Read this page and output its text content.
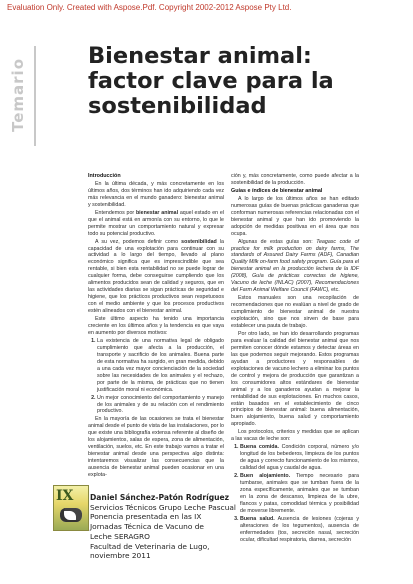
Evaluation Only. Created with Aspose.Pdf. Copyright 2002-2012 Aspose Pty Ltd.
Temario
Bienestar animal:
factor clave para la
sostenibilidad
Introducción

En la última década, y más concretamente en los últimos años, dos términos han ido adquiriendo cada vez más relevancia en el mundo ganadero: bienestar animal y sostenibilidad.

Entendemos por bienestar animal aquel estado en el que el animal está en armonía con su entorno, lo que le permite mostrar un comportamiento natural y expresar todo su potencial productivo.

A su vez, podemos definir como sostenibilidad la capacidad de una explotación para continuar con su actividad a lo largo del tiempo, llevado al plano económico significa que es imprescindible que sea rentable, si bien esta rentabilidad no se puede lograr de cualquier forma, debe conseguirse cumpliendo que los alimentos producidos sean de calidad y seguros, que en las actividades diarias se sigan prácticas de seguridad e higiene, que los prácticos productivos sean respetuosos con el medio ambiente y que los procesos productivos estén alineados con el bienestar animal.

Este último aspecto ha tenido una importancia creciente en los últimos años y la tendencia es que vaya en aumento por diversos motivos:

1. La existencia de una normativa legal de obligado cumplimiento que afecta a la producción, el transporte y sacrificio de los animales. Buena parte de esta normativa ha surgido, en gran medida, debido a una cada vez mayor concienciación de la sociedad sobre las necesidades de los animales y el rechazo, por parte de la misma, de prácticas que no tienen justificación moral ni económica.
2. Un mejor conocimiento del comportamiento y manejo de los animales y de su relación con el rendimiento productivo.

En la mayoría de las ocasiones se trata el bienestar animal desde el punto de vista de las instalaciones, por lo que existe una bibliografía extensa referente al diseño de los alojamientos, salas de espera, zona de alimentación, ventilación, suelos, etc. En este trabajo vamos a tratar el bienestar animal desde una perspectiva algo distinta: intentaremos visualizar las consecuencias que la ausencia de bienestar animal pueden ocasionar en una explota-

ción y, más concretamente, como puede afectar a la sostenibilidad de la producción.

Guías e índices de bienestar animal

A lo largo de los últimos años se han editado numerosas guías de buenas prácticas ganaderas que conforman numerosas referencias relacionadas con el bienestar animal y que han ido promoviendo la adopción de medidas positivas en el área que nos ocupa.

Algunas de estas guías son: Teagasc code of practice for milk production on dairy farms, The standards of Assured Dairy Farms (ADF), Canadian Quality Milk on-farm food safety program. Guía para el bienestar animal en la producción lechera de la IDF (2008), Guía de prácticas correctas de higiene, Vacuno de leche (INLAC) (2007), Recomendaciones del Farm Animal Welfare Council (FAWC), etc.

Estos manuales son una recopilación de recomendaciones que no evalúan a nivel de grado de cumplimiento de bienestar animal de nuestra explotación, sino que nos sirven de base para establecer una pauta de trabajo.

Por otro lado, se han ido desarrollando programas para evaluar la calidad del bienestar animal que nos permiten conocer dónde estamos y detectar áreas en las que podemos seguir mejorando. Estos programas ayudan a productores y responsables de explotaciones de vacuno lechero a eliminar los puntos de control y mejora de producción que garantizan a los consumidores altos estándares de bienestar animal y a los ganaderos ayudan a mejorar la rentabilidad de sus explotaciones. En muchos casos, están basados en el establecimiento de cinco principios de bienestar animal: buena alimentación, buen alojamiento, buena salud y comportamiento apropiado.

Los protocolos, criterios y medidas que se aplican a las vacas de leche son:

1. Buena comida. Condición corporal, número y/o longitud de los bebederos, limpieza de los puntos de agua y correcto funcionamiento de los mismos, calidad del agua y caudal de agua.
2. Buen alojamiento. Tiempo necesario para tumbarse, animales que se tumban fuera de la zona específicamente, animales que se tumban en la zona de descanso, limpieza de la ubre, flancos y patas, comodidad térmica y posibilidad de moverse libremente.
3. Buena salud. Ausencia de lesiones (cojeras y alteraciones de los tegumentos), ausencia de enfermedades (tos, secreción nasal, secreción ocular, dificultad respiratoria, diarrea, secreción
IX Daniel Sánchez-Patón Rodríguez
Servicios Técnicos Grupo Leche Pascual
Ponencia presentada en las IX
Jornadas Técnica de Vacuno de
Leche SERAGRO
Facultad de Veterinaria de Lugo,
noviembre 2011
